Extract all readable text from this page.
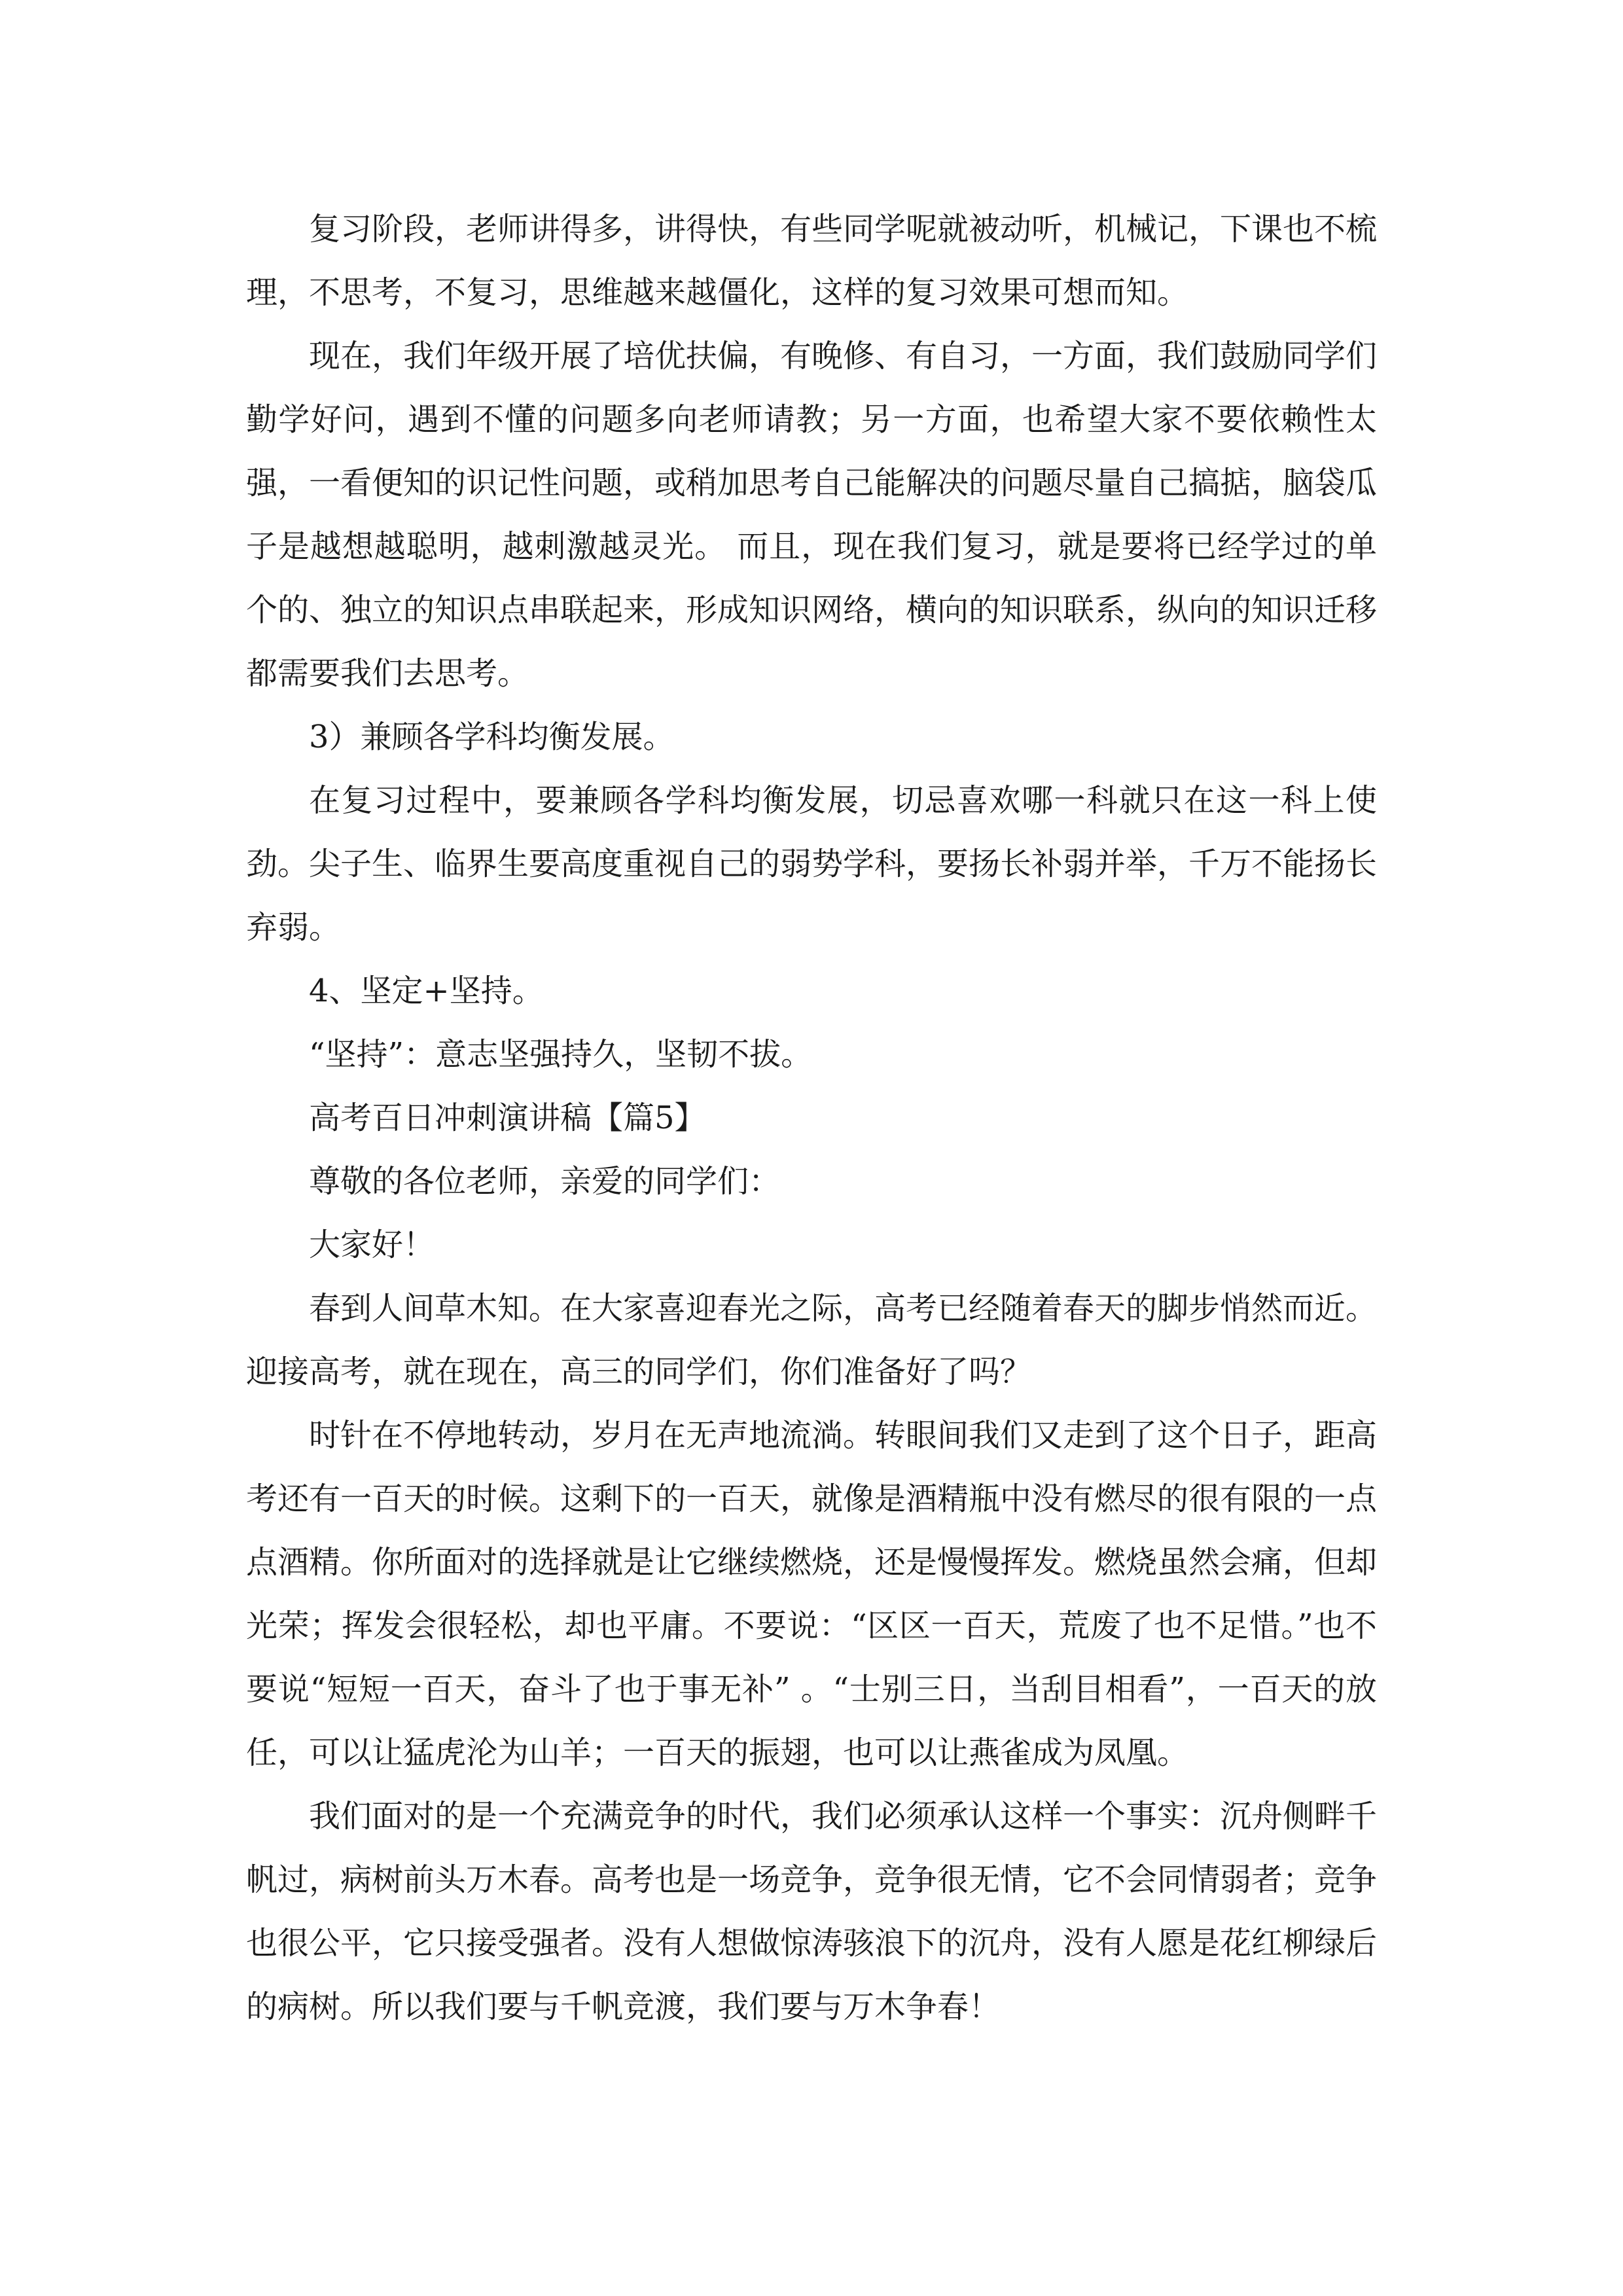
复习阶段，老师讲得多，讲得快，有些同学呢就被动听，机械记，下课也不梳理，不思考，不复习，思维越来越僵化，这样的复习效果可想而知。

现在，我们年级开展了培优扶偏，有晚修、有自习，一方面，我们鼓励同学们勤学好问，遇到不懂的问题多向老师请教；另一方面，也希望大家不要依赖性太强，一看便知的识记性问题，或稍加思考自己能解决的问题尽量自己搞掂，脑袋瓜子是越想越聪明，越刺激越灵光。 而且，现在我们复习，就是要将已经学过的单个的、独立的知识点串联起来，形成知识网络，横向的知识联系，纵向的知识迁移都需要我们去思考。

3）兼顾各学科均衡发展。

在复习过程中，要兼顾各学科均衡发展，切忌喜欢哪一科就只在这一科上使劲。尖子生、临界生要高度重视自己的弱势学科，要扬长补弱并举，千万不能扬长弃弱。

4、坚定+坚持。

“坚持”：意志坚强持久，坚韧不拔。

高考百日冲刺演讲稿【篇5】

尊敬的各位老师，亲爱的同学们：

大家好！

春到人间草木知。在大家喜迎春光之际，高考已经随着春天的脚步悄然而近。迎接高考，就在现在，高三的同学们，你们准备好了吗？

时针在不停地转动，岁月在无声地流淌。转眼间我们又走到了这个日子，距高考还有一百天的时候。这剩下的一百天，就像是酒精瓶中没有燃尽的很有限的一点点酒精。你所面对的选择就是让它继续燃烧，还是慢慢挥发。燃烧虽然会痛，但却光荣；挥发会很轻松，却也平庸。不要说：“区区一百天，荒废了也不足惜。”也不要说“短短一百天，奋斗了也于事无补” 。“士别三日，当刮目相看”，一百天的放任，可以让猛虎沦为山羊；一百天的振翅，也可以让燕雀成为凤凰。

我们面对的是一个充满竞争的时代，我们必须承认这样一个事实：沉舟侧畔千帆过，病树前头万木春。高考也是一场竞争，竞争很无情，它不会同情弱者；竞争也很公平，它只接受强者。没有人想做惊涛骇浪下的沉舟，没有人愿是花红柳绿后的病树。所以我们要与千帆竞渡，我们要与万木争春！
